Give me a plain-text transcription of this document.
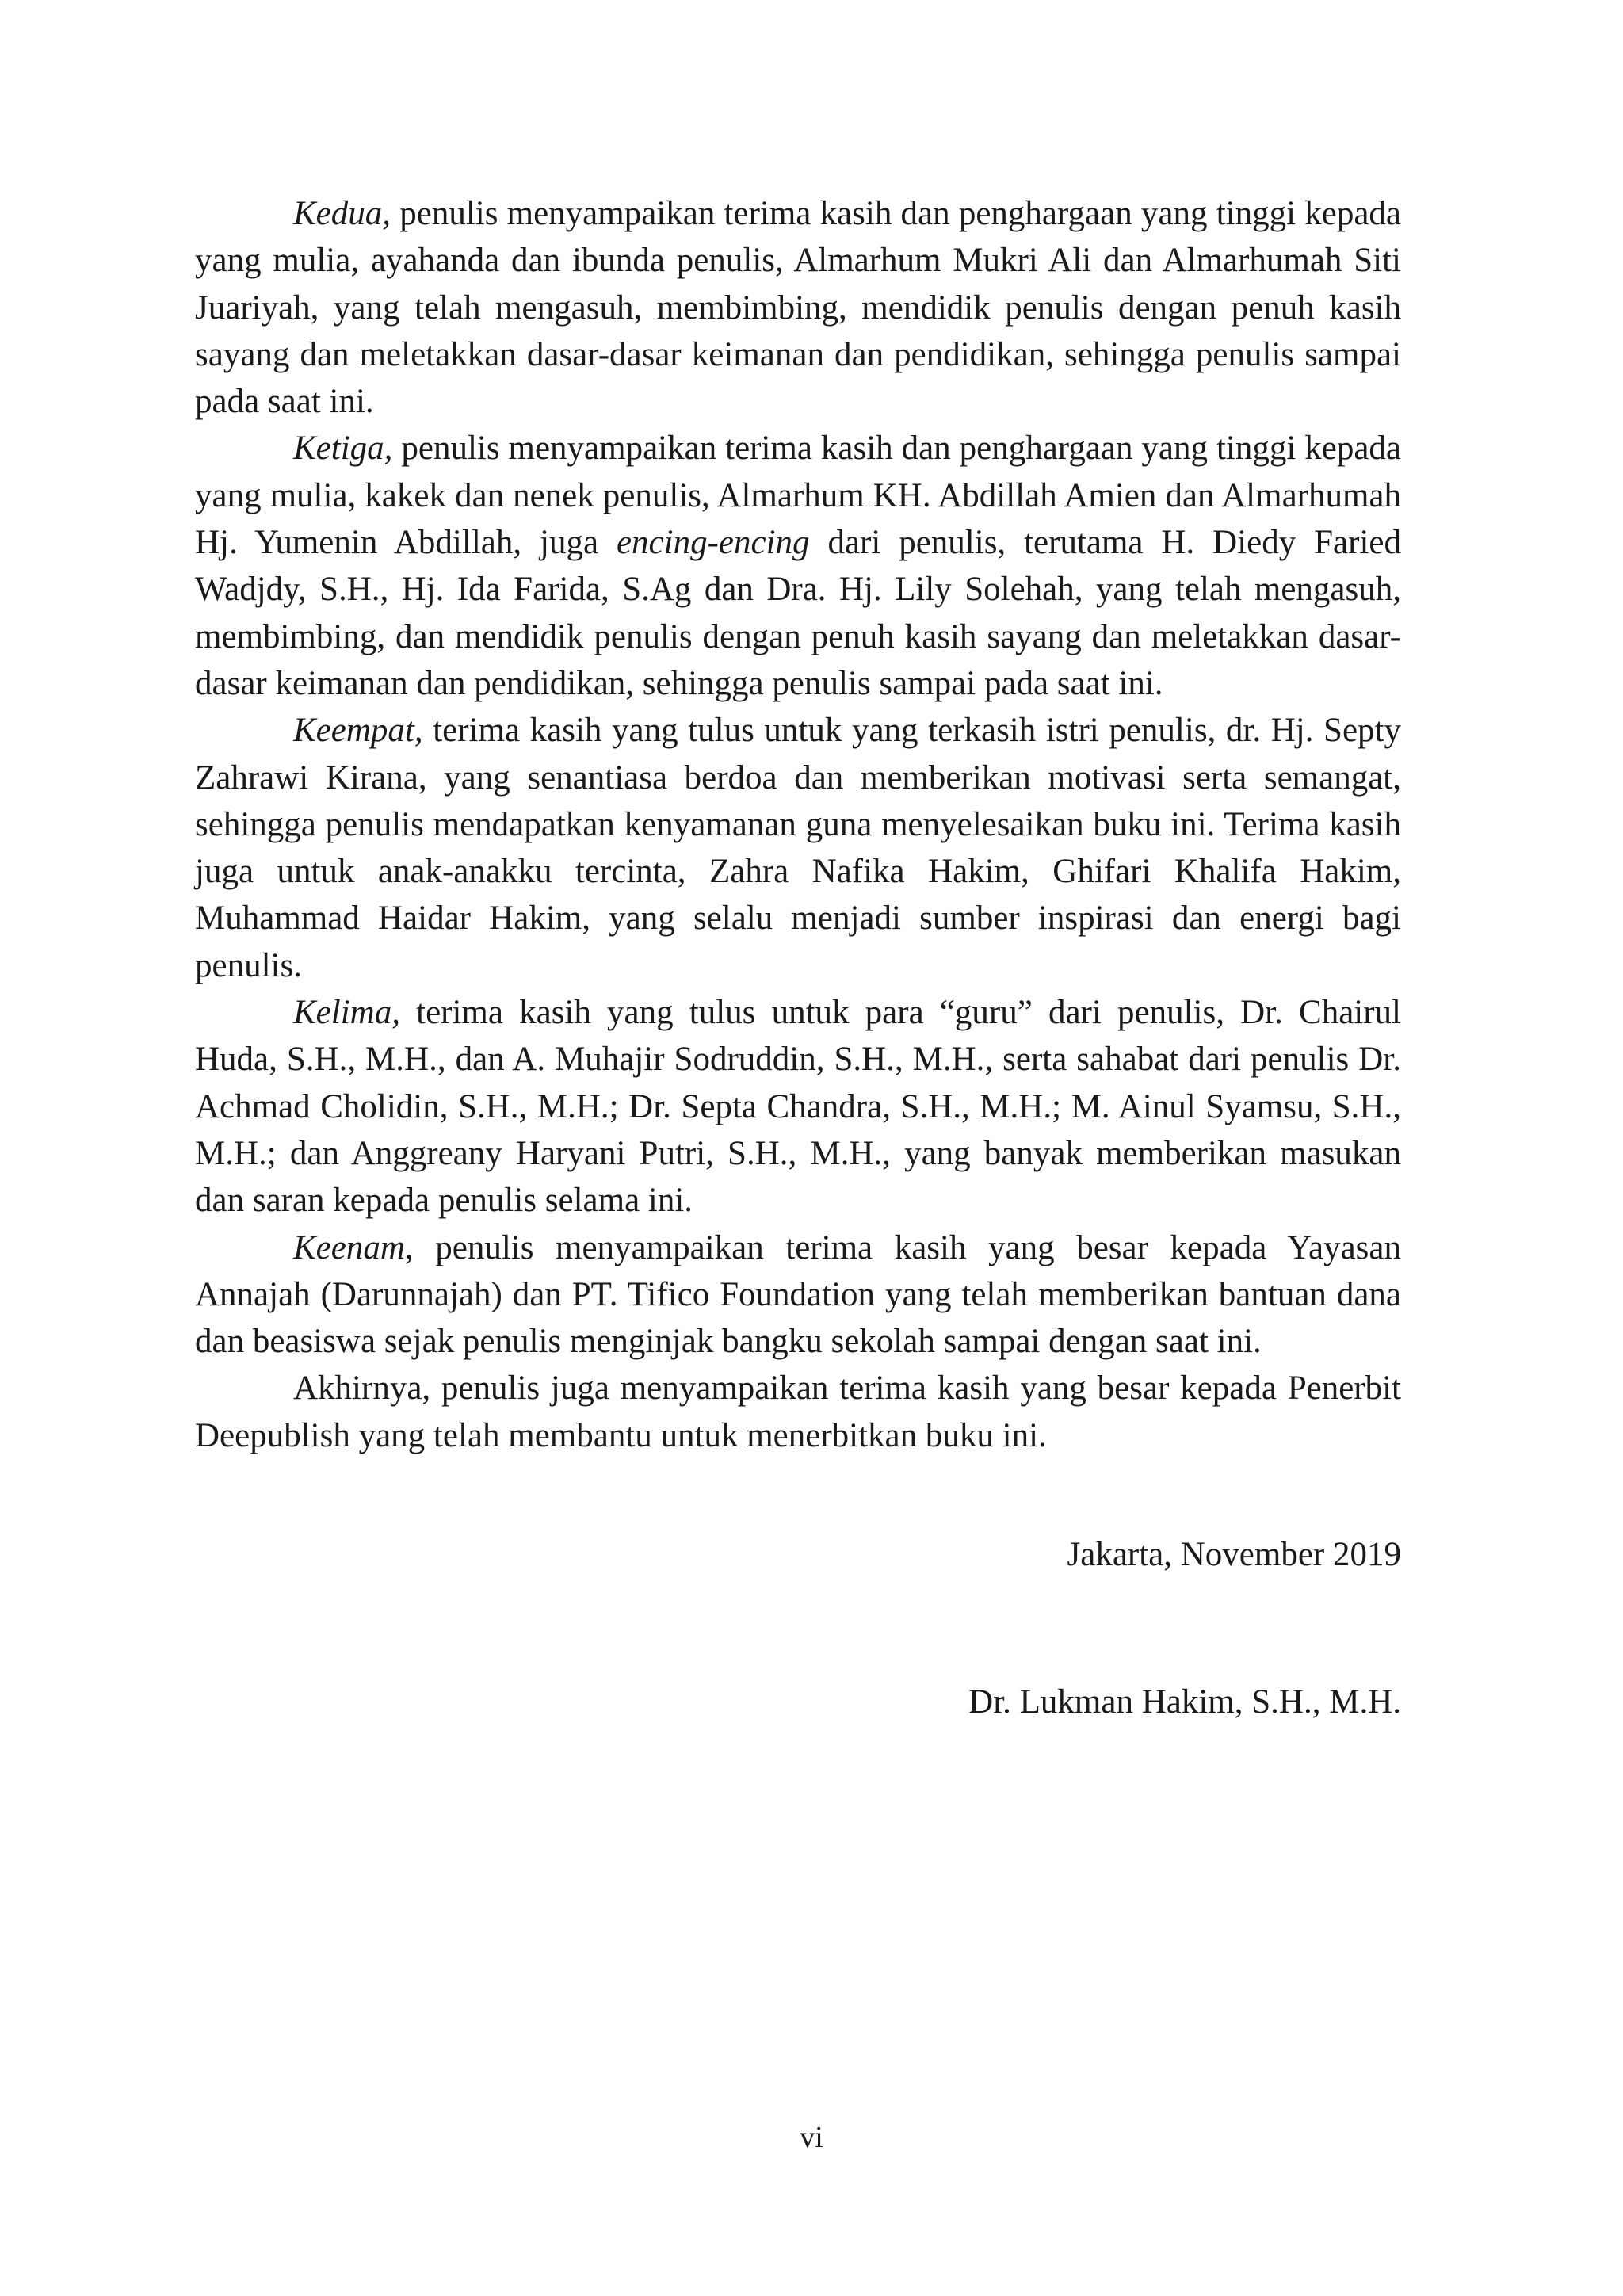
Kedua, penulis menyampaikan terima kasih dan penghargaan yang tinggi kepada yang mulia, ayahanda dan ibunda penulis, Almarhum Mukri Ali dan Almarhumah Siti Juariyah, yang telah mengasuh, membimbing, mendidik penulis dengan penuh kasih sayang dan meletakkan dasar-dasar keimanan dan pendidikan, sehingga penulis sampai pada saat ini.

Ketiga, penulis menyampaikan terima kasih dan penghargaan yang tinggi kepada yang mulia, kakek dan nenek penulis, Almarhum KH. Abdillah Amien dan Almarhumah Hj. Yumenin Abdillah, juga encing-encing dari penulis, terutama H. Diedy Faried Wadjdy, S.H., Hj. Ida Farida, S.Ag dan Dra. Hj. Lily Solehah, yang telah mengasuh, membimbing, dan mendidik penulis dengan penuh kasih sayang dan meletakkan dasar-dasar keimanan dan pendidikan, sehingga penulis sampai pada saat ini.

Keempat, terima kasih yang tulus untuk yang terkasih istri penulis, dr. Hj. Septy Zahrawi Kirana, yang senantiasa berdoa dan memberikan motivasi serta semangat, sehingga penulis mendapatkan kenyamanan guna menyelesaikan buku ini. Terima kasih juga untuk anak-anakku tercinta, Zahra Nafika Hakim, Ghifari Khalifa Hakim, Muhammad Haidar Hakim, yang selalu menjadi sumber inspirasi dan energi bagi penulis.

Kelima, terima kasih yang tulus untuk para “guru” dari penulis, Dr. Chairul Huda, S.H., M.H., dan A. Muhajir Sodruddin, S.H., M.H., serta sahabat dari penulis Dr. Achmad Cholidin, S.H., M.H.; Dr. Septa Chandra, S.H., M.H.; M. Ainul Syamsu, S.H., M.H.; dan Anggreany Haryani Putri, S.H., M.H., yang banyak memberikan masukan dan saran kepada penulis selama ini.

Keenam, penulis menyampaikan terima kasih yang besar kepada Yayasan Annajah (Darunnajah) dan PT. Tifico Foundation yang telah memberikan bantuan dana dan beasiswa sejak penulis menginjak bangku sekolah sampai dengan saat ini.

Akhirnya, penulis juga menyampaikan terima kasih yang besar kepada Penerbit Deepublish yang telah membantu untuk menerbitkan buku ini.

Jakarta, November 2019
Dr. Lukman Hakim, S.H., M.H.
vi
